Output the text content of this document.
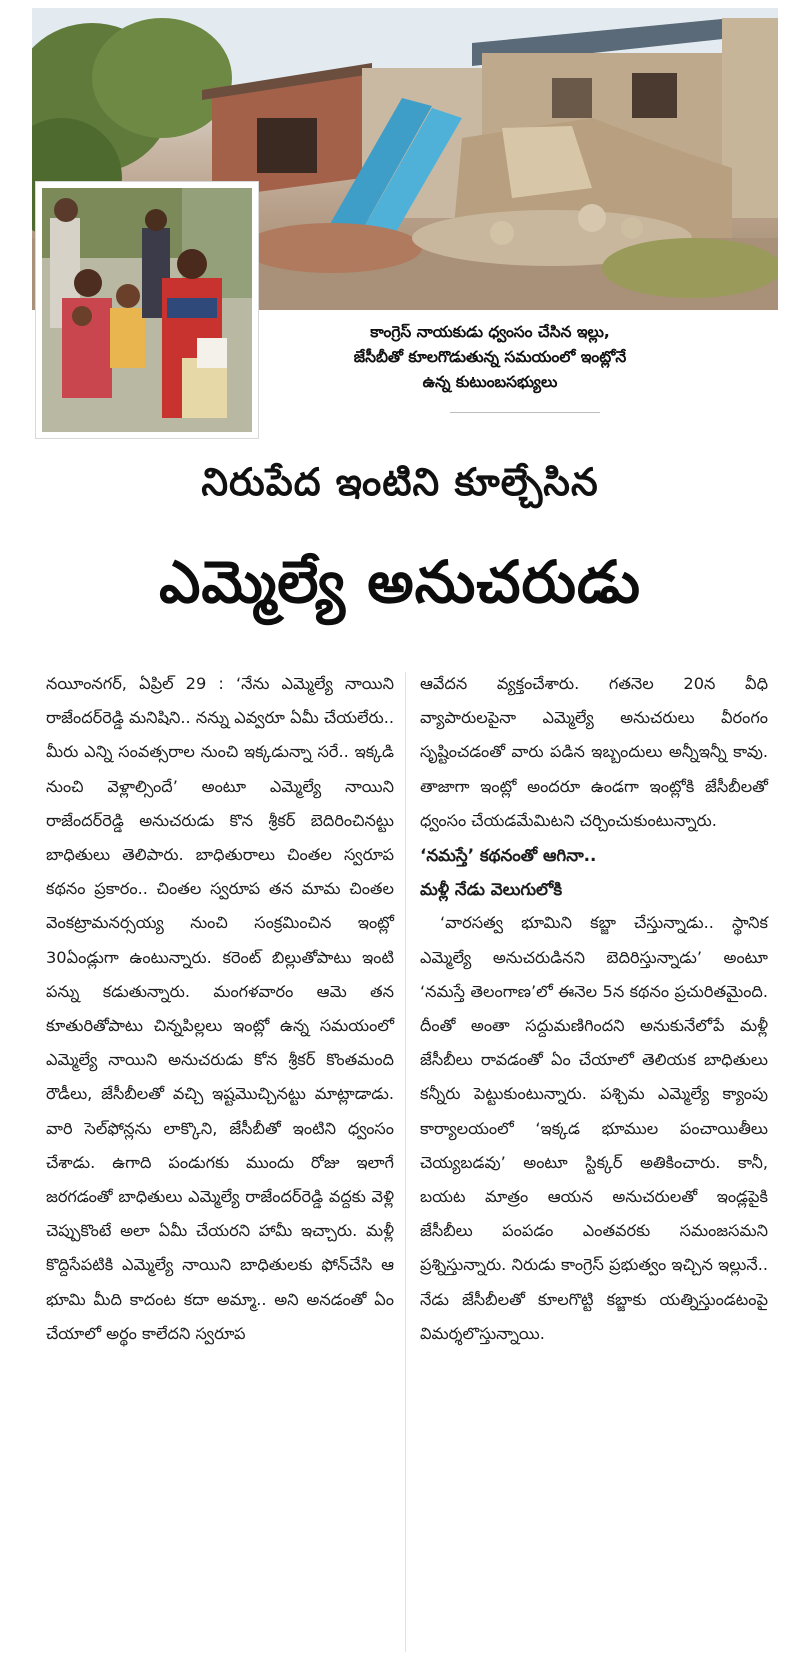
కాంగ్రెస్ నాయకుడు ధ్వంసం చేసిన ఇల్లు,
జేసీబీతో కూలగొడుతున్న సమయంలో ఇంట్లోనే
ఉన్న కుటుంబసభ్యులు
నిరుపేద ఇంటిని కూల్చేసిన
ఎమ్మెల్యే అనుచరుడు

నయీంనగర్, ఏప్రిల్ 29 : ‘నేను ఎమ్మెల్యే నాయిని రాజేందర్‌రెడ్డి మనిషిని.. నన్ను ఎవ్వరూ ఏమీ చేయలేరు.. మీరు ఎన్ని సంవత్సరాల నుంచి ఇక్కడున్నా సరే.. ఇక్కడి నుంచి వెళ్లాల్సిందే’ అంటూ ఎమ్మెల్యే నాయిని రాజేందర్‌రెడ్డి అనుచరుడు కొన శ్రీకర్ బెదిరించినట్టు బాధితులు తెలిపారు. బాధితురాలు చింతల స్వరూప కథనం ప్రకారం.. చింతల స్వరూప తన మామ చింతల వెంకట్రామనర్సయ్య నుంచి సంక్రమించిన ఇంట్లో 30ఏండ్లుగా ఉంటున్నారు. కరెంట్ బిల్లుతోపాటు ఇంటి పన్ను కడుతున్నారు. మంగళవారం ఆమె తన కూతురితోపాటు చిన్నపిల్లలు ఇంట్లో ఉన్న సమయంలో ఎమ్మెల్యే నాయిని అనుచరుడు కోన శ్రీకర్ కొంతమంది రౌడీలు, జేసీబీలతో వచ్చి ఇష్టమొచ్చినట్టు మాట్లాడాడు. వారి సెల్‌ఫోన్లను లాక్కొని, జేసీబీతో ఇంటిని ధ్వంసం చేశాడు. ఉగాది పండుగకు ముందు రోజు ఇలాగే జరగడంతో బాధితులు ఎమ్మెల్యే రాజేందర్‌రెడ్డి వద్దకు వెళ్లి చెప్పుకొంటే అలా ఏమీ చేయరని హామీ ఇచ్చారు. మళ్లీ కొద్దిసేపటికి ఎమ్మెల్యే నాయిని బాధితులకు ఫోన్‌చేసి ఆ భూమి మీది కాదంట కదా అమ్మా.. అని అనడంతో ఏం చేయాలో అర్థం కాలేదని స్వరూప

ఆవేదన వ్యక్తంచేశారు. గతనెల 20న వీధి వ్యాపారులపైనా ఎమ్మెల్యే అనుచరులు వీరంగం సృష్టించడంతో వారు పడిన ఇబ్బందులు అన్నీఇన్నీ కావు. తాజాగా ఇంట్లో అందరూ ఉండగా ఇంట్లోకి జేసీబీలతో ధ్వంసం చేయడమేమిటని చర్చించుకుంటున్నారు.

‘నమస్తే’ కథనంతో ఆగినా..

మళ్లీ నేడు వెలుగులోకి

‘వారసత్వ భూమిని కబ్జా చేస్తున్నాడు.. స్థానిక ఎమ్మెల్యే అనుచరుడినని బెదిరిస్తున్నాడు’ అంటూ ‘నమస్తే తెలంగాణ’లో ఈనెల 5న కథనం ప్రచురితమైంది. దీంతో అంతా సద్దుమణిగిందని అనుకునేలోపే మళ్లీ జేసీబీలు రావడంతో ఏం చేయాలో తెలియక బాధితులు కన్నీరు పెట్టుకుంటున్నారు. పశ్చిమ ఎమ్మెల్యే క్యాంపు కార్యాలయంలో ‘ఇక్కడ భూముల పంచాయితీలు చెయ్యబడవు’ అంటూ స్టిక్కర్ అతికించారు. కానీ, బయట మాత్రం ఆయన అనుచరులతో ఇండ్లపైకి జేసీబీలు పంపడం ఎంతవరకు సమంజసమని ప్రశ్నిస్తున్నారు. నిరుడు కాంగ్రెస్ ప్రభుత్వం ఇచ్చిన ఇల్లునే.. నేడు జేసీబీలతో కూలగొట్టి కబ్జాకు యత్నిస్తుండటంపై విమర్శలొస్తున్నాయి.
